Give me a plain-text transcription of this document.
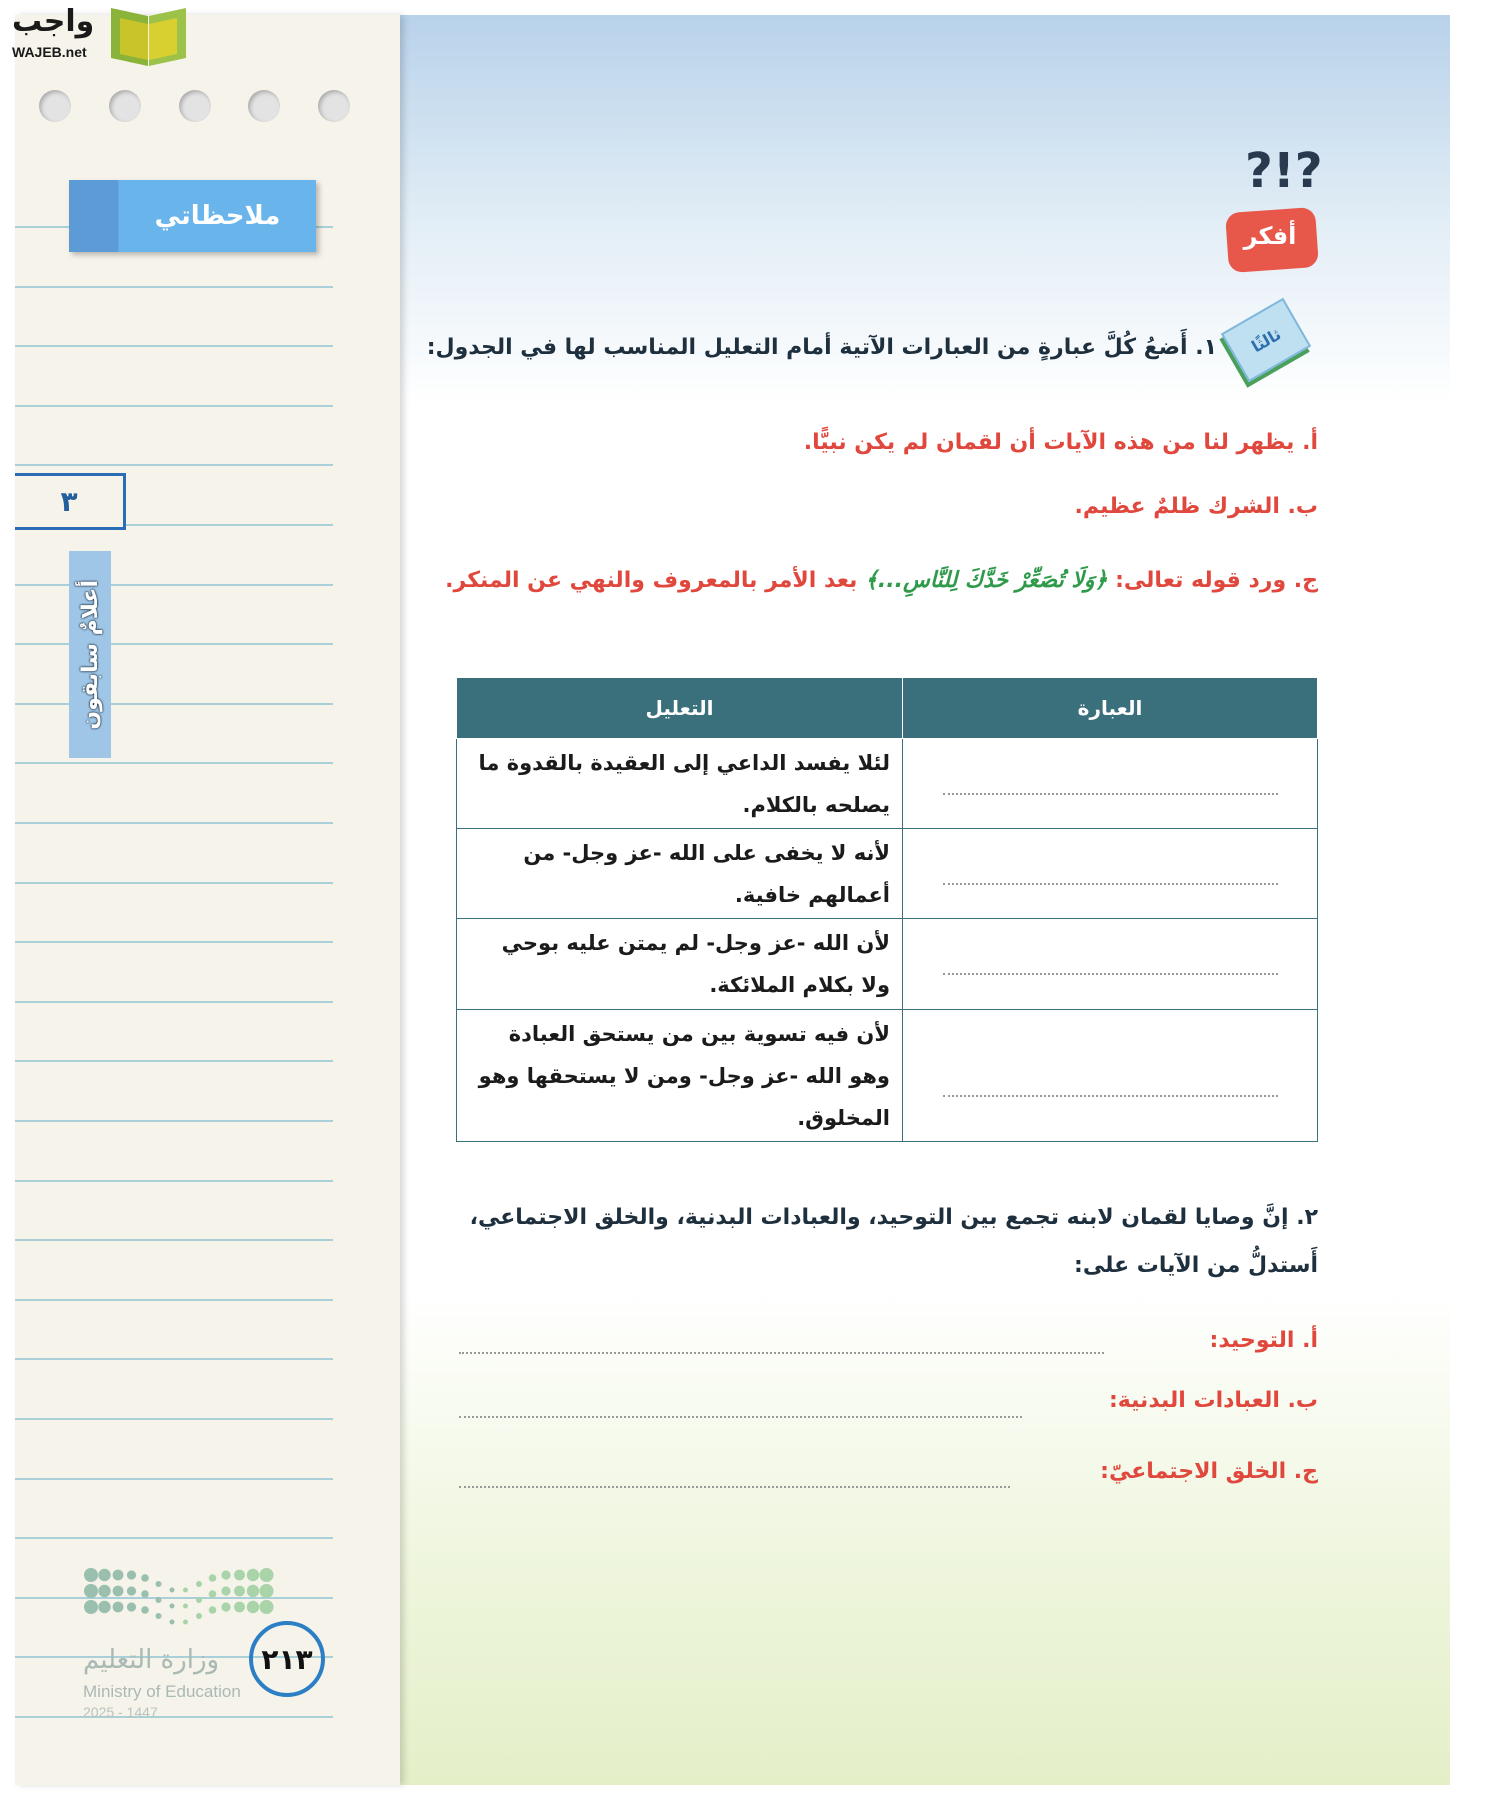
ملاحظاتي
٣
أعلامٌ سابقون
وزارة التعليم
Ministry of Education
2025 - 1447
٢١٣
واجب
WAJEB.net
?!?
أفكر
ثالثًا
١. أَضعُ كُلَّ عبارةٍ من العبارات الآتية أمام التعليل المناسب لها في الجدول:
أ. يظهر لنا من هذه الآيات أن لقمان لم يكن نبيًّا.
ب. الشرك ظلمٌ عظيم.
ج. ورد قوله تعالى: ﴿وَلَا تُصَعِّرْ خَدَّكَ لِلنَّاسِ...﴾ بعد الأمر بالمعروف والنهي عن المنكر.
العبارة	التعليل

	لئلا يفسد الداعي إلى العقيدة بالقدوة ما يصلحه بالكلام.

	لأنه لا يخفى على الله -عز وجل- من أعمالهم خافية.

	لأن الله -عز وجل- لم يمتن عليه بوحي ولا بكلام الملائكة.

	لأن فيه تسوية بين من يستحق العبادة وهو الله -عز وجل- ومن لا يستحقها وهو المخلوق.
٢. إنَّ وصايا لقمان لابنه تجمع بين التوحيد، والعبادات البدنية، والخلق الاجتماعي،
أَستدلُّ من الآيات على:
أ. التوحيد:
ب. العبادات البدنية:
ج. الخلق الاجتماعيّ:
